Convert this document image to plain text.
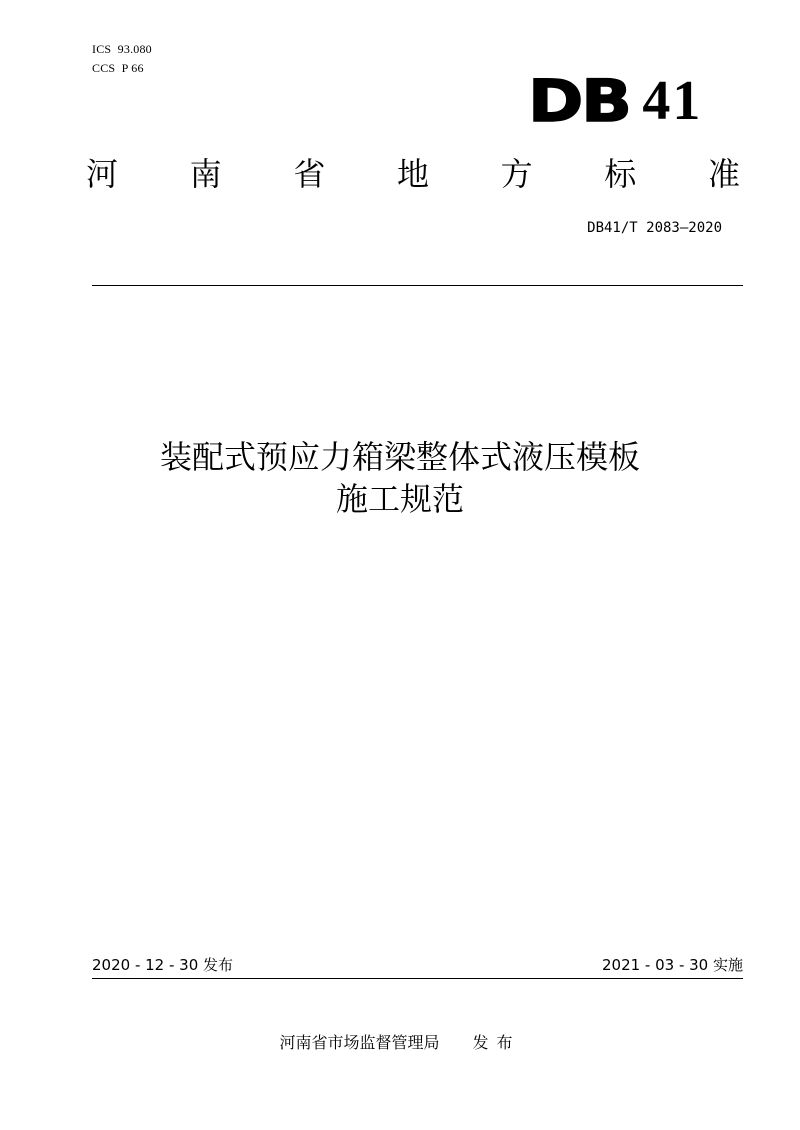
ICS  93.080
CCS  P 66	DB 41
河 南 省 地 方 标 准
DB41/T 2083—2020
装配式预应力箱梁整体式液压模板
施工规范
2020 - 12 - 30 发布	2021 - 03 - 30 实施
河南省市场监督管理局 发布
